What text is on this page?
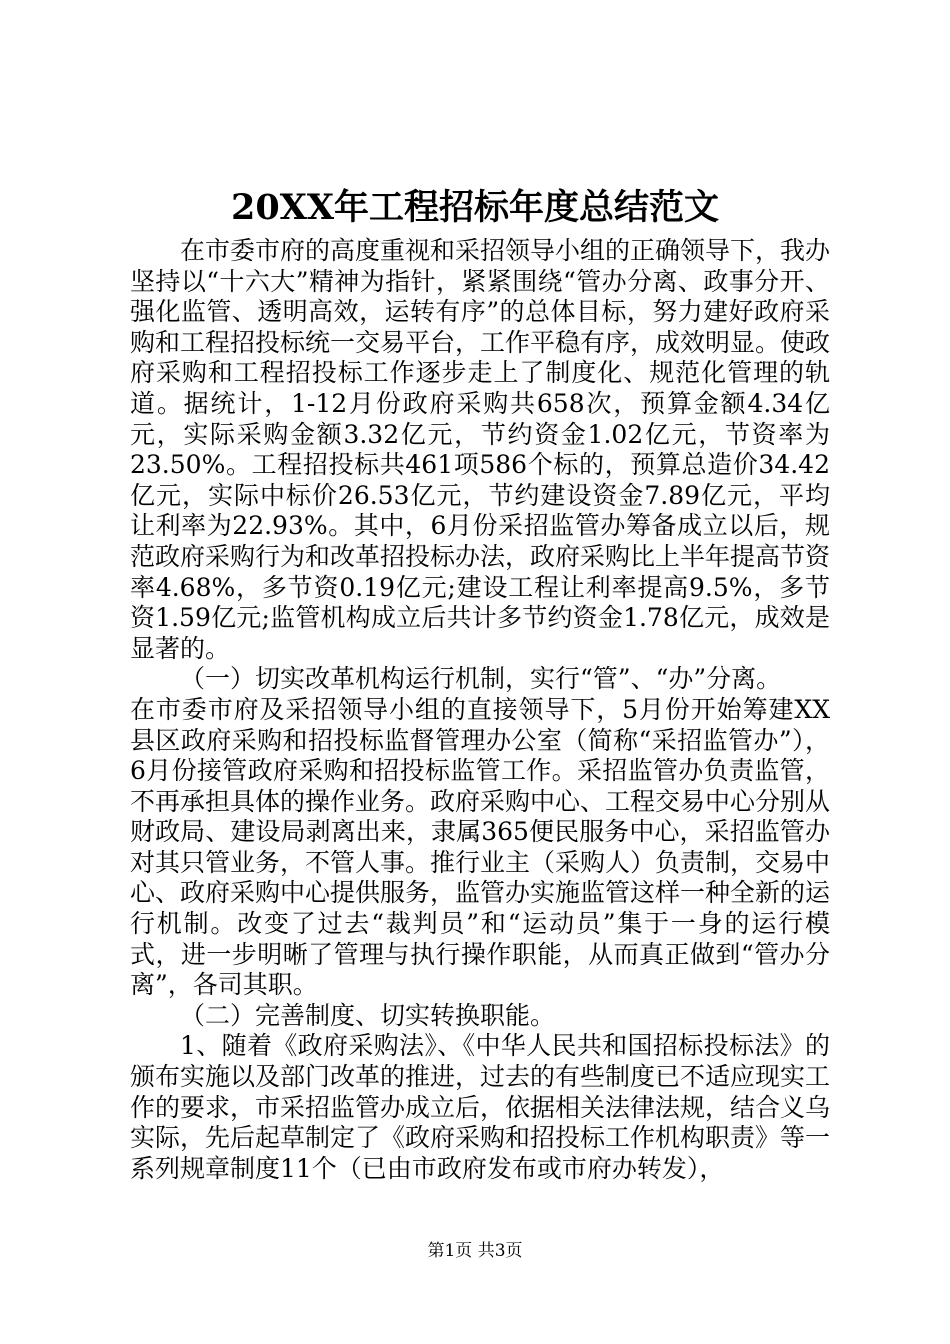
20XX年工程招标年度总结范文

在市委市府的高度重视和采招领导小组的正确领导下，我办坚持以“十六大”精神为指针，紧紧围绕“管办分离、政事分开、强化监管、透明高效，运转有序”的总体目标，努力建好政府采购和工程招投标统一交易平台，工作平稳有序，成效明显。使政府采购和工程招投标工作逐步走上了制度化、规范化管理的轨道。据统计，1-12月份政府采购共658次，预算金额4.34亿元，实际采购金额3.32亿元，节约资金1.02亿元，节资率为23.50%。工程招投标共461项586个标的，预算总造价34.42亿元，实际中标价26.53亿元，节约建设资金7.89亿元，平均让利率为22.93%。其中，6月份采招监管办筹备成立以后，规范政府采购行为和改革招投标办法，政府采购比上半年提高节资率4.68%，多节资0.19亿元;建设工程让利率提高9.5%，多节资1.59亿元;监管机构成立后共计多节约资金1.78亿元，成效是显著的。

（一）切实改革机构运行机制，实行“管”、“办”分离。

在市委市府及采招领导小组的直接领导下，5月份开始筹建XX县区政府采购和招投标监督管理办公室（简称“采招监管办”），6月份接管政府采购和招投标监管工作。采招监管办负责监管，不再承担具体的操作业务。政府采购中心、工程交易中心分别从财政局、建设局剥离出来，隶属365便民服务中心，采招监管办对其只管业务，不管人事。推行业主（采购人）负责制，交易中心、政府采购中心提供服务，监管办实施监管这样一种全新的运行机制。改变了过去“裁判员”和“运动员”集于一身的运行模式，进一步明晰了管理与执行操作职能，从而真正做到“管办分离”，各司其职。

（二）完善制度、切实转换职能。

1、随着《政府采购法》、《中华人民共和国招标投标法》的颁布实施以及部门改革的推进，过去的有些制度已不适应现实工作的要求，市采招监管办成立后，依据相关法律法规，结合义乌实际，先后起草制定了《政府采购和招投标工作机构职责》等一系列规章制度11个（已由市政府发布或市府办转发），

第1页 共3页
